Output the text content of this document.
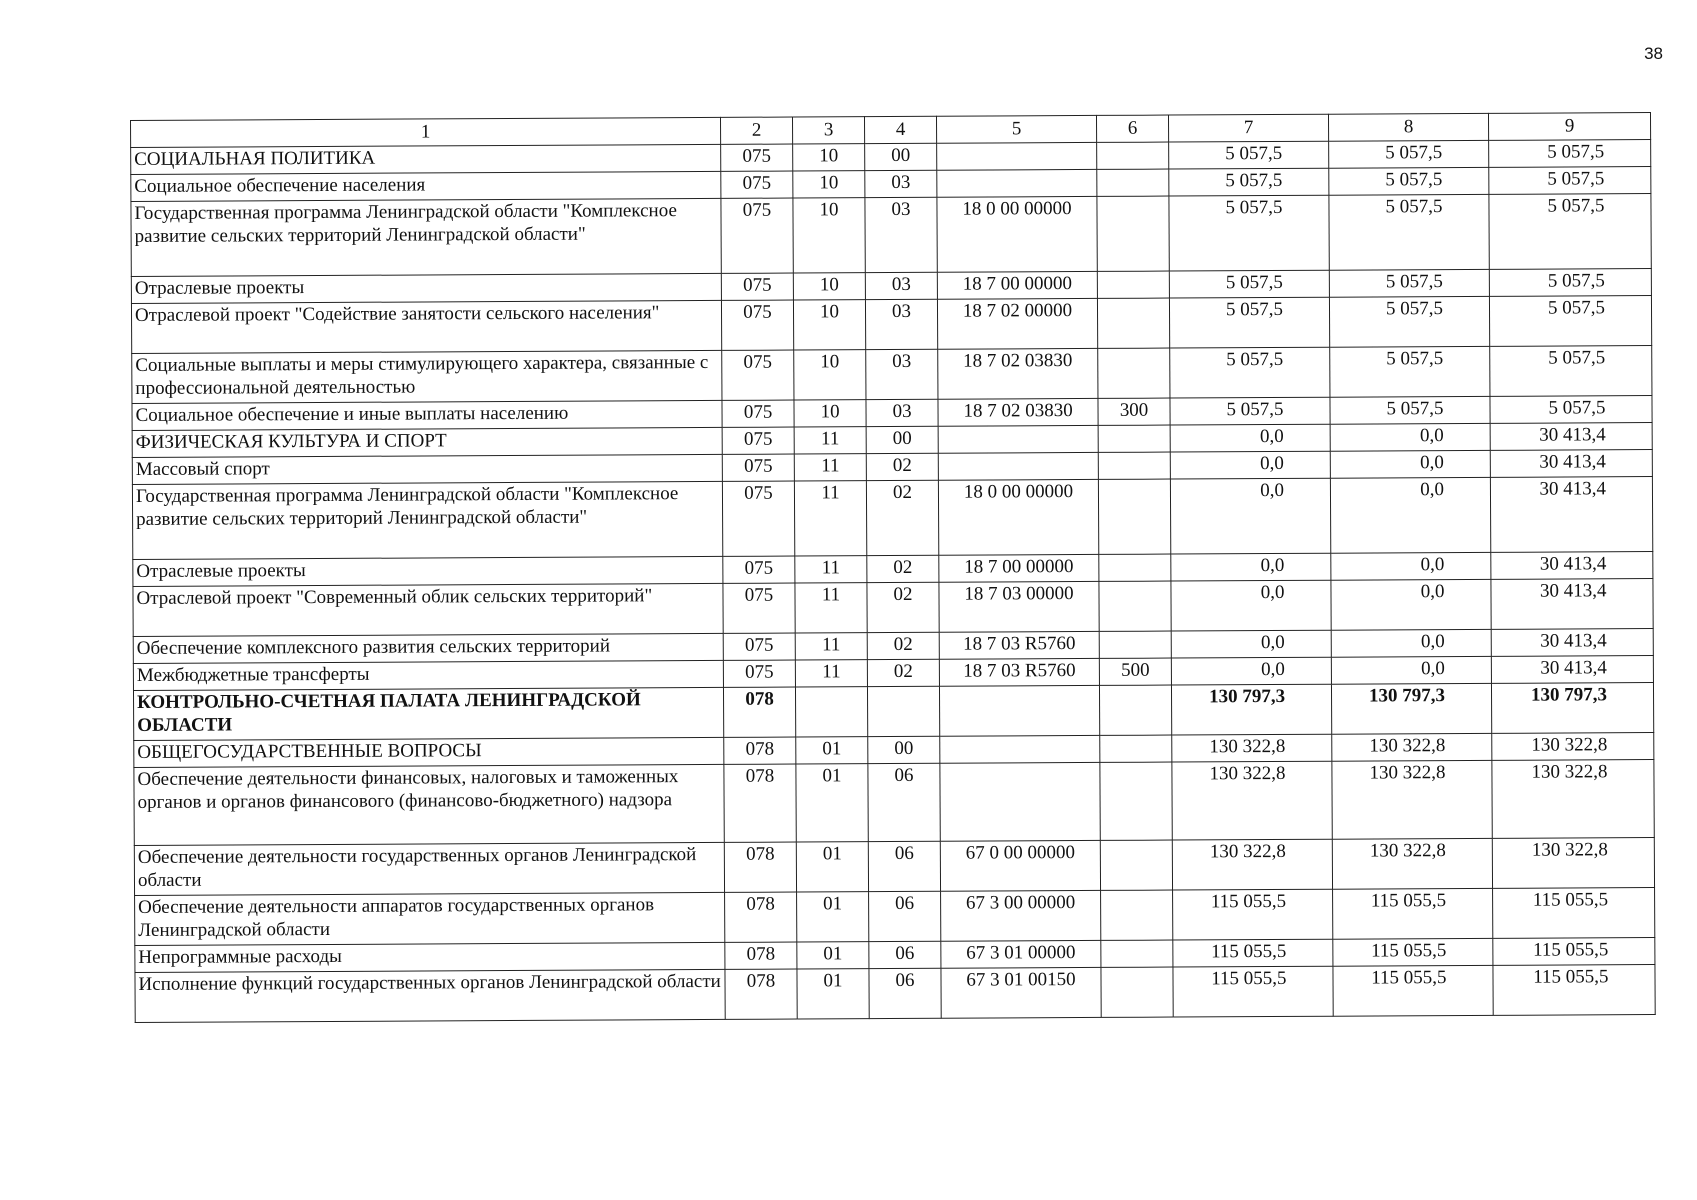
38
1	2	3	4	5	6	7	8	9
СОЦИАЛЬНАЯ ПОЛИТИКА	075	10	00			5 057,5	5 057,5	5 057,5
Социальное обеспечение населения	075	10	03			5 057,5	5 057,5	5 057,5
Государственная программа Ленинградской области "Комплексное развитие сельских территорий Ленинградской области"	075	10	03	18 0 00 00000		5 057,5	5 057,5	5 057,5
Отраслевые проекты	075	10	03	18 7 00 00000		5 057,5	5 057,5	5 057,5
Отраслевой проект "Содействие занятости сельского населения"	075	10	03	18 7 02 00000		5 057,5	5 057,5	5 057,5
Социальные выплаты и меры стимулирующего характера, связанные с профессиональной деятельностью	075	10	03	18 7 02 03830		5 057,5	5 057,5	5 057,5
Социальное обеспечение и иные выплаты населению	075	10	03	18 7 02 03830	300	5 057,5	5 057,5	5 057,5
ФИЗИЧЕСКАЯ КУЛЬТУРА И СПОРТ	075	11	00			0,0	0,0	30 413,4
Массовый спорт	075	11	02			0,0	0,0	30 413,4
Государственная программа Ленинградской области "Комплексное развитие сельских территорий Ленинградской области"	075	11	02	18 0 00 00000		0,0	0,0	30 413,4
Отраслевые проекты	075	11	02	18 7 00 00000		0,0	0,0	30 413,4
Отраслевой проект "Современный облик сельских территорий"	075	11	02	18 7 03 00000		0,0	0,0	30 413,4
Обеспечение комплексного развития сельских территорий	075	11	02	18 7 03 R5760		0,0	0,0	30 413,4
Межбюджетные трансферты	075	11	02	18 7 03 R5760	500	0,0	0,0	30 413,4
КОНТРОЛЬНО-СЧЕТНАЯ ПАЛАТА ЛЕНИНГРАДСКОЙ ОБЛАСТИ	078					130 797,3	130 797,3	130 797,3
ОБЩЕГОСУДАРСТВЕННЫЕ ВОПРОСЫ	078	01	00			130 322,8	130 322,8	130 322,8
Обеспечение деятельности финансовых, налоговых и таможенных органов и органов финансового (финансово-бюджетного) надзора	078	01	06			130 322,8	130 322,8	130 322,8
Обеспечение деятельности государственных органов Ленинградской области	078	01	06	67 0 00 00000		130 322,8	130 322,8	130 322,8
Обеспечение деятельности аппаратов государственных органов Ленинградской области	078	01	06	67 3 00 00000		115 055,5	115 055,5	115 055,5
Непрограммные расходы	078	01	06	67 3 01 00000		115 055,5	115 055,5	115 055,5
Исполнение функций государственных органов Ленинградской области	078	01	06	67 3 01 00150		115 055,5	115 055,5	115 055,5
